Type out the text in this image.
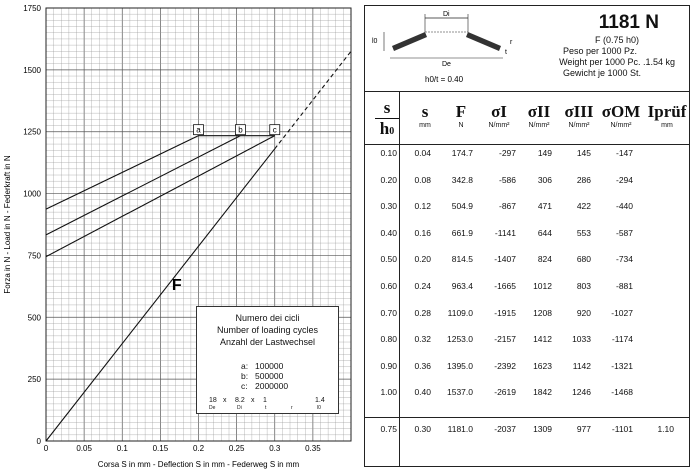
0
250
500
750
1000
1250
1500
1750
0	0.05	0.1	0.15	0.2	0.25	0.3	0.35
Corsa S in mm - Deflection S in mm - Federweg S in mm
Forza in N - Load in N - Federkraft in N
a	b	c
F
Numero dei cicli
Number of loading cycles
Anzahl der Lastwechsel
a: 100000
b: 500000
c: 2000000
18 x 8.2 x 1	1.4
De	Di	t	r	l0
Di
De
l0
t
r
h0/t = 0.40
1181 N
F (0.75 h0)
Peso per 1000 Pz.
Weight per 1000 Pc. .1.54 kg
Gewicht je 1000 St.
s
h0
s
mm
F
N
σI
N/mm²
σII
N/mm²
σIII
N/mm²
σOM
N/mm²
Iprüf
mm
0.10 0.04 174.7	-297	149	145	-147
0.20 0.08 342.8	-586	306	286	-294
0.30 0.12 504.9	-867	471	422	-440
0.40 0.16 661.9	-1141	644	553	-587
0.50 0.20 814.5	-1407	824	680	-734
0.60 0.24 963.4	-1665 1012	803	-881
0.70 0.28 1109.0	-1915 1208	920 -1027
0.80 0.32 1253.0	-2157 1412 1033 -1174
0.90 0.36 1395.0	-2392 1623 1142 -1321
1.00 0.40 1537.0	-2619 1842 1246 -1468
0.75 0.30 1181.0	-2037 1309	977 -1101	1.10
